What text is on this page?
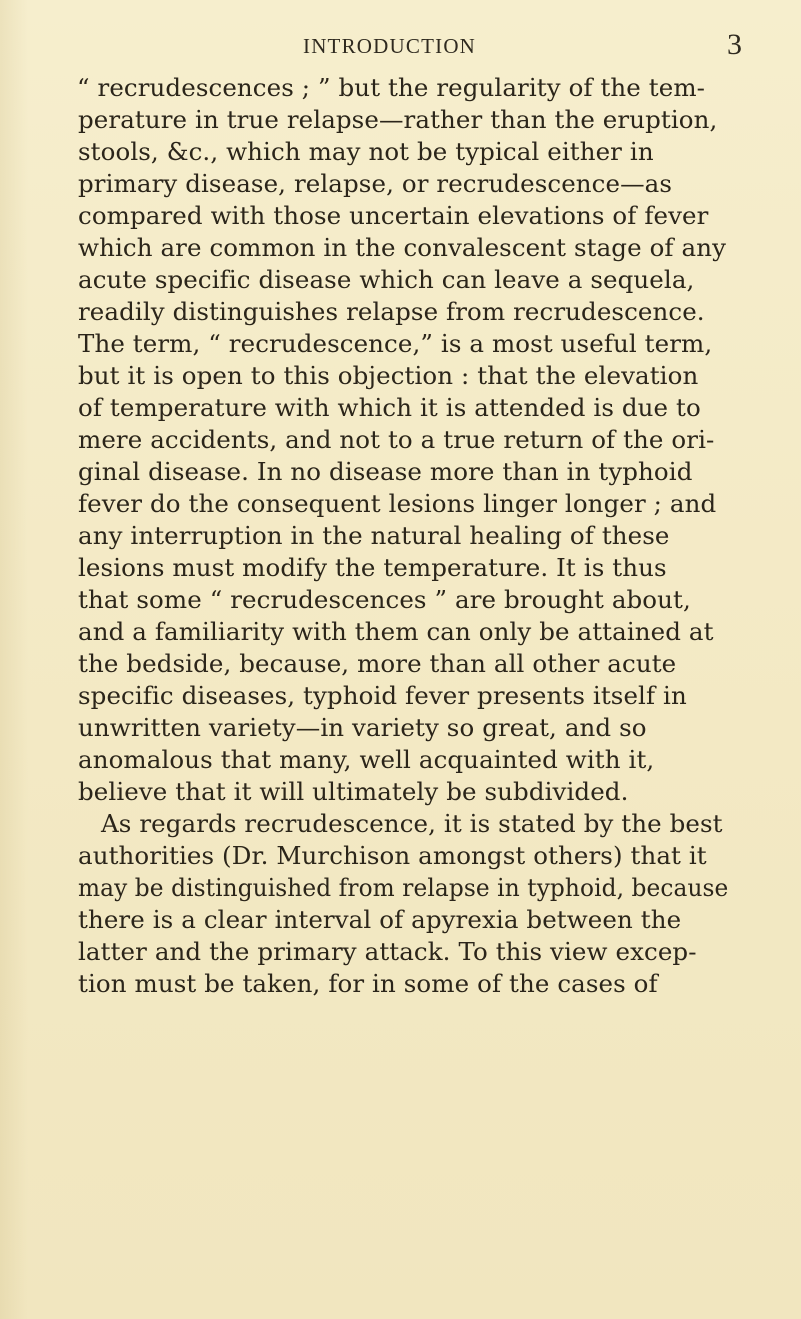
INTRODUCTION	3
“ recrudescences ; ” but the regularity of the tem-
perature in true relapse—rather than the eruption,
stools, &c., which may not be typical either in
primary disease, relapse, or recrudescence—as
compared with those uncertain elevations of fever
which are common in the convalescent stage of any
acute specific disease which can leave a sequela,
readily distinguishes relapse from recrudescence.
The term, “ recrudescence,” is a most useful term,
but it is open to this objection : that the elevation
of temperature with which it is attended is due to
mere accidents, and not to a true return of the ori-
ginal disease. In no disease more than in typhoid
fever do the consequent lesions linger longer ; and
any interruption in the natural healing of these
lesions must modify the temperature. It is thus
that some “ recrudescences ” are brought about,
and a familiarity with them can only be attained at
the bedside, because, more than all other acute
specific diseases, typhoid fever presents itself in
unwritten variety—in variety so great, and so
anomalous that many, well acquainted with it,
believe that it will ultimately be subdivided.
As regards recrudescence, it is stated by the best
authorities (Dr. Murchison amongst others) that it
may be distinguished from relapse in typhoid, because
there is a clear interval of apyrexia between the
latter and the primary attack. To this view excep-
tion must be taken, for in some of the cases of
